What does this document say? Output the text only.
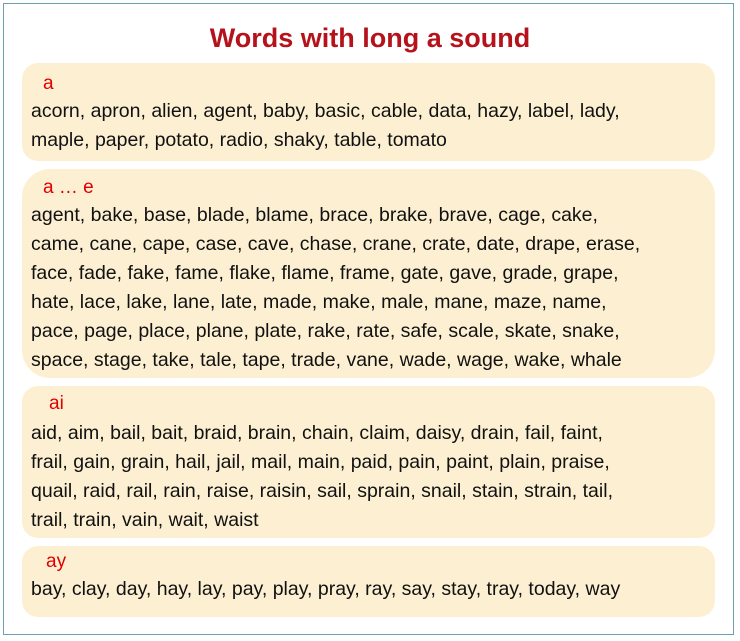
Words with long a sound
a

acorn, apron, alien, agent, baby, basic, cable, data, hazy, label, lady,
maple, paper, potato, radio, shaky, table, tomato

a … e

agent, bake, base, blade, blame, brace, brake, brave, cage, cake,
came, cane, cape, case, cave, chase, crane, crate, date, drape, erase,
face, fade, fake, fame, flake, flame, frame, gate, gave, grade, grape,
hate, lace, lake, lane, late, made, make, male, mane, maze, name,
pace, page, place, plane, plate, rake, rate, safe, scale, skate, snake,
space, stage, take, tale, tape, trade, vane, wade, wage, wake, whale

ai

aid, aim, bail, bait, braid, brain, chain, claim, daisy, drain, fail, faint,
frail, gain, grain, hail, jail, mail, main, paid, pain, paint, plain, praise,
quail, raid, rail, rain, raise, raisin, sail, sprain, snail, stain, strain, tail,
trail, train, vain, wait, waist

ay

bay, clay, day, hay, lay, pay, play, pray, ray, say, stay, tray, today, way
